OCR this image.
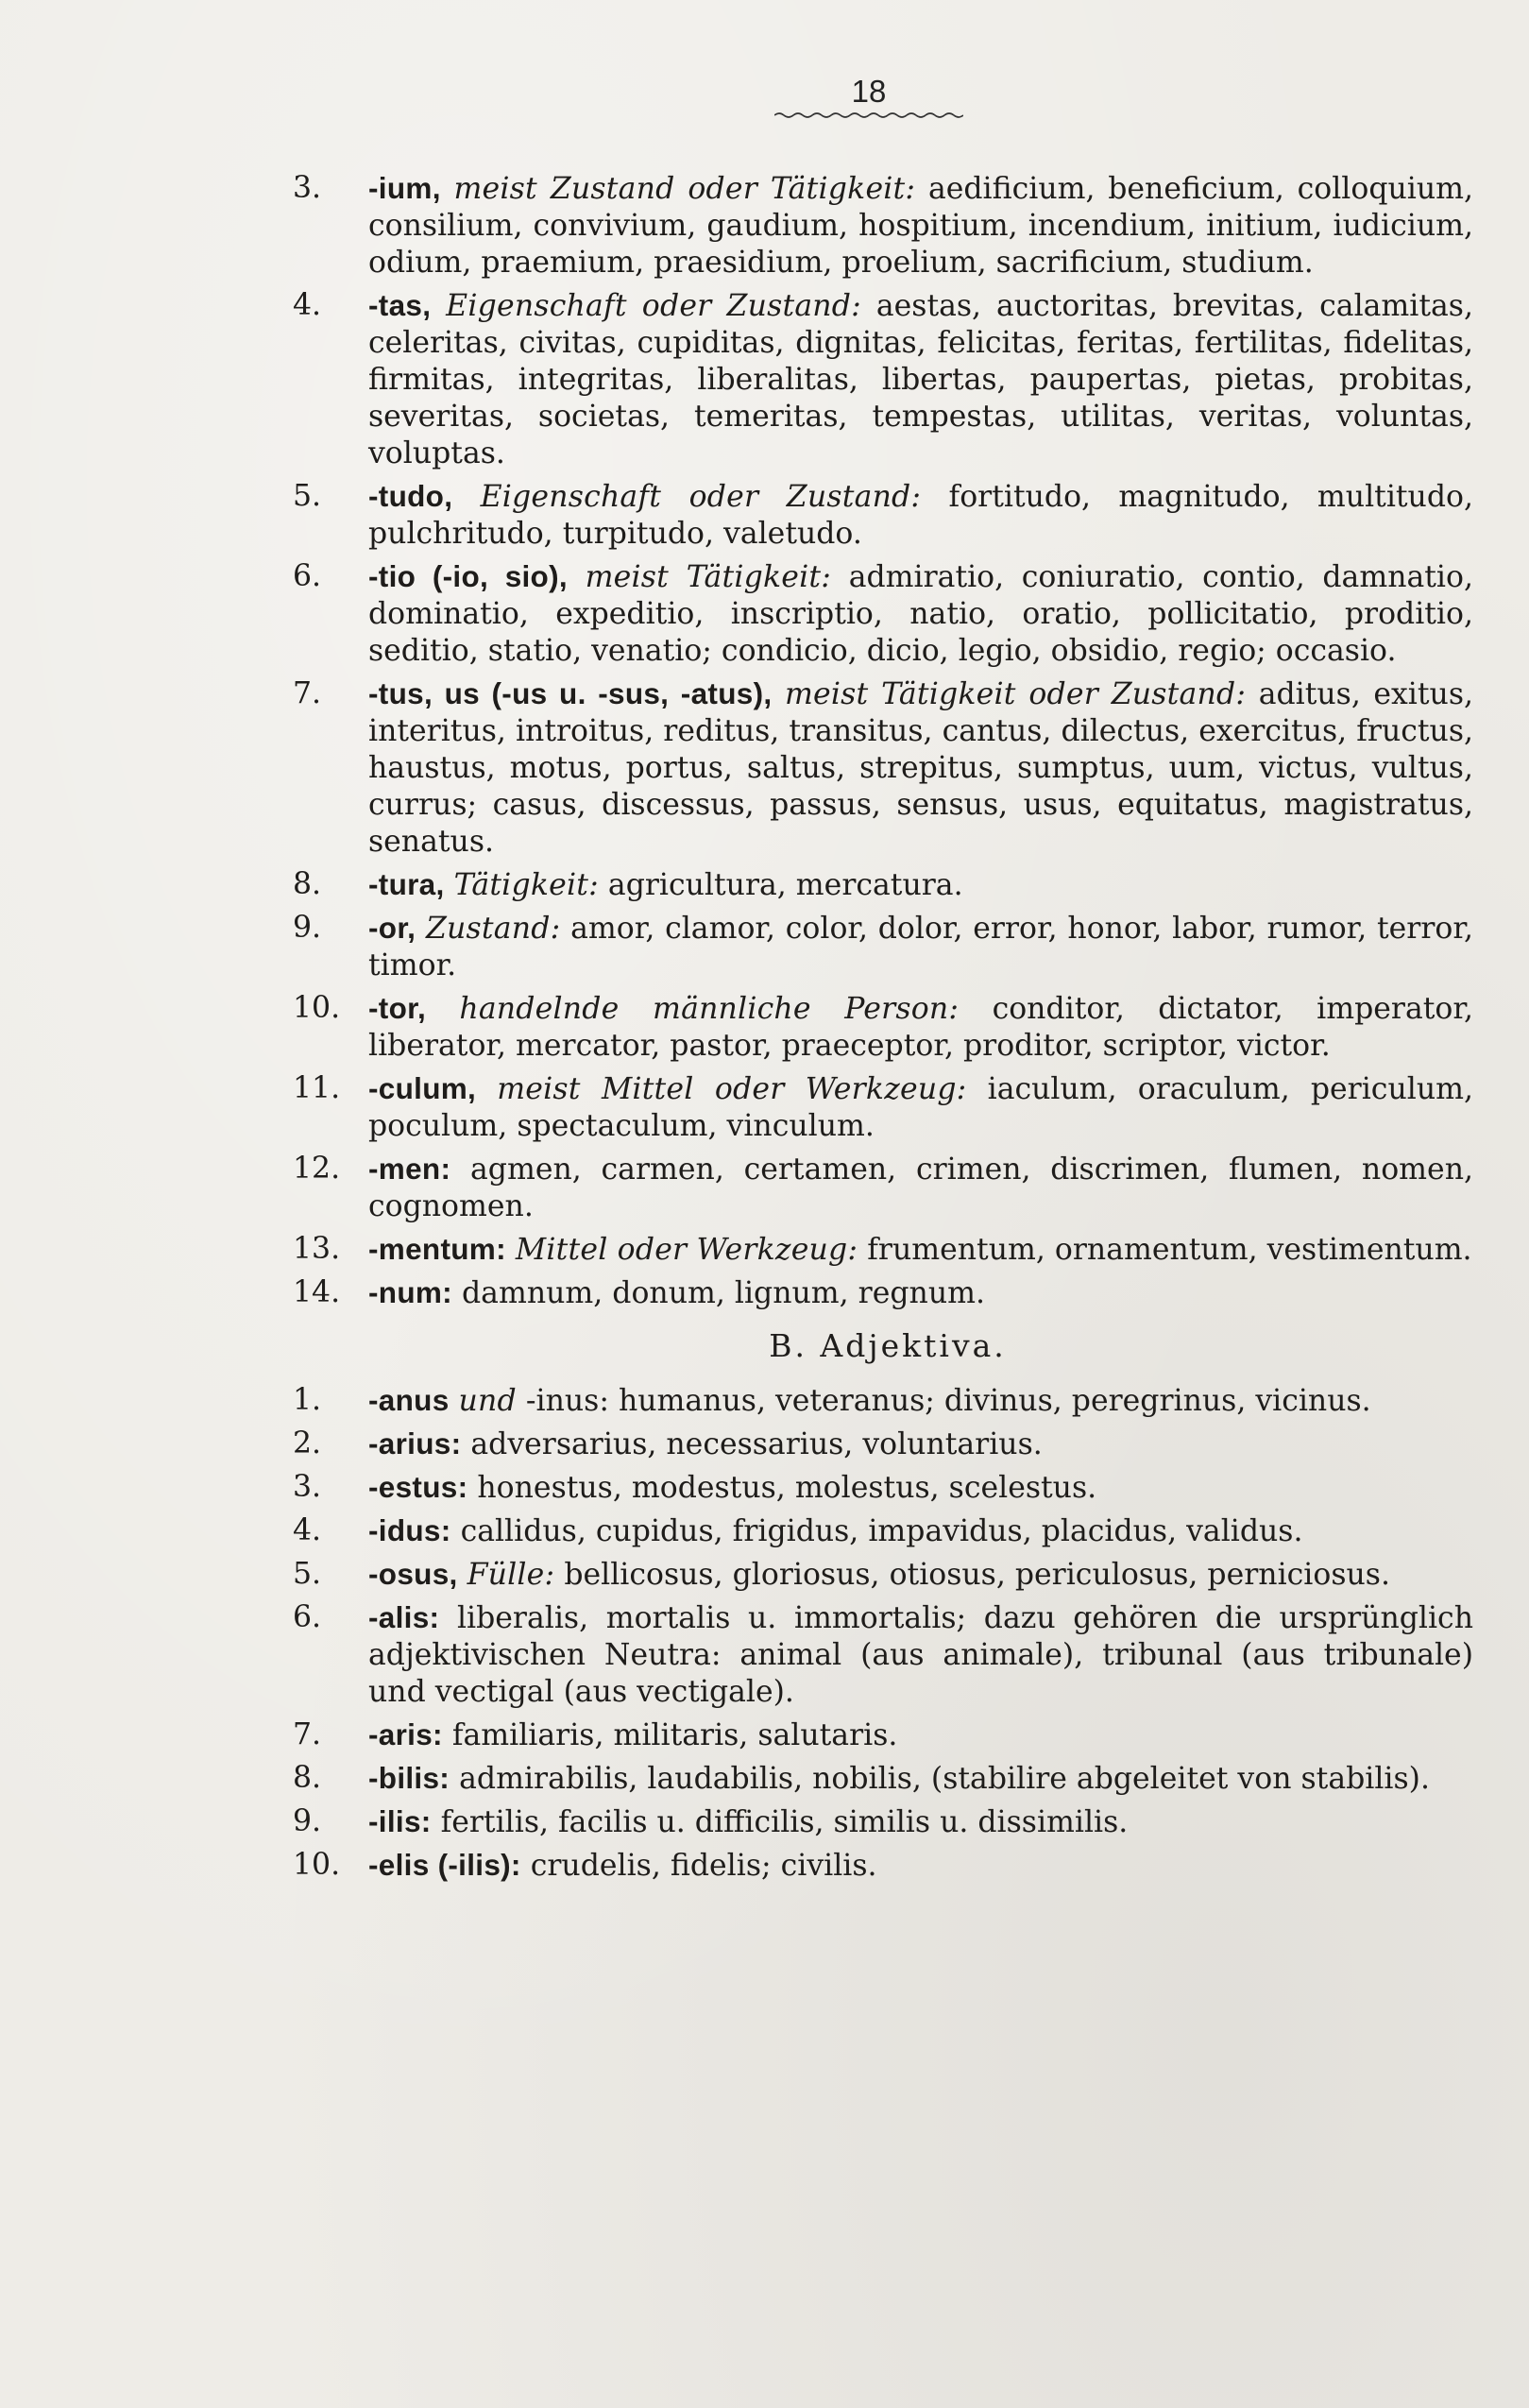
18
3.	-ium, meist Zustand oder Tätigkeit: aedificium, beneficium, colloquium, consilium, convivium, gaudium, hospitium, incendium, initium, iudicium, odium, praemium, praesidium, proelium, sacrificium, studium.
4.	-tas, Eigenschaft oder Zustand: aestas, auctoritas, brevitas, calamitas, celeritas, civitas, cupiditas, dignitas, felicitas, feritas, fertilitas, fidelitas, firmitas, integritas, liberalitas, libertas, paupertas, pietas, probitas, severitas, societas, temeritas, tempestas, utilitas, veritas, voluntas, voluptas.
5.	-tudo, Eigenschaft oder Zustand: fortitudo, magnitudo, multitudo, pulchritudo, turpitudo, valetudo.
6.	-tio (-io, sio), meist Tätigkeit: admiratio, coniuratio, contio, damnatio, dominatio, expeditio, inscriptio, natio, oratio, pollicitatio, proditio, seditio, statio, venatio; condicio, dicio, legio, obsidio, regio; occasio.
7.	-tus, us (-us u. -sus, -atus), meist Tätigkeit oder Zustand: aditus, exitus, interitus, introitus, reditus, transitus, cantus, dilectus, exercitus, fructus, haustus, motus, portus, saltus, strepitus, sumptus, uum, victus, vultus, currus; casus, discessus, passus, sensus, usus, equitatus, magistratus, senatus.
8.	-tura, Tätigkeit: agricultura, mercatura.
9.	-or, Zustand: amor, clamor, color, dolor, error, honor, labor, rumor, terror, timor.
10. -tor, handelnde männliche Person: conditor, dictator, imperator, liberator, mercator, pastor, praeceptor, proditor, scriptor, victor.
11. -culum, meist Mittel oder Werkzeug: iaculum, oraculum, periculum, poculum, spectaculum, vinculum.
12. -men: agmen, carmen, certamen, crimen, discrimen, flumen, nomen, cognomen.
13. -mentum: Mittel oder Werkzeug: frumentum, ornamentum, vestimentum.
14. -num: damnum, donum, lignum, regnum.
B. Adjektiva.
1.	-anus und -inus: humanus, veteranus; divinus, peregrinus, vicinus.
2.	-arius: adversarius, necessarius, voluntarius.
3.	-estus: honestus, modestus, molestus, scelestus.
4.	-idus: callidus, cupidus, frigidus, impavidus, placidus, validus.
5.	-osus, Fülle: bellicosus, gloriosus, otiosus, periculosus, perniciosus.
6.	-alis: liberalis, mortalis u. immortalis; dazu gehören die ursprünglich adjektivischen Neutra: animal (aus animale), tribunal (aus tribunale) und vectigal (aus vectigale).
7.	-aris: familiaris, militaris, salutaris.
8.	-bilis: admirabilis, laudabilis, nobilis, (stabilire abgeleitet von stabilis).
9.	-ilis: fertilis, facilis u. difficilis, similis u. dissimilis.
10. -elis (-ilis): crudelis, fidelis; civilis.
